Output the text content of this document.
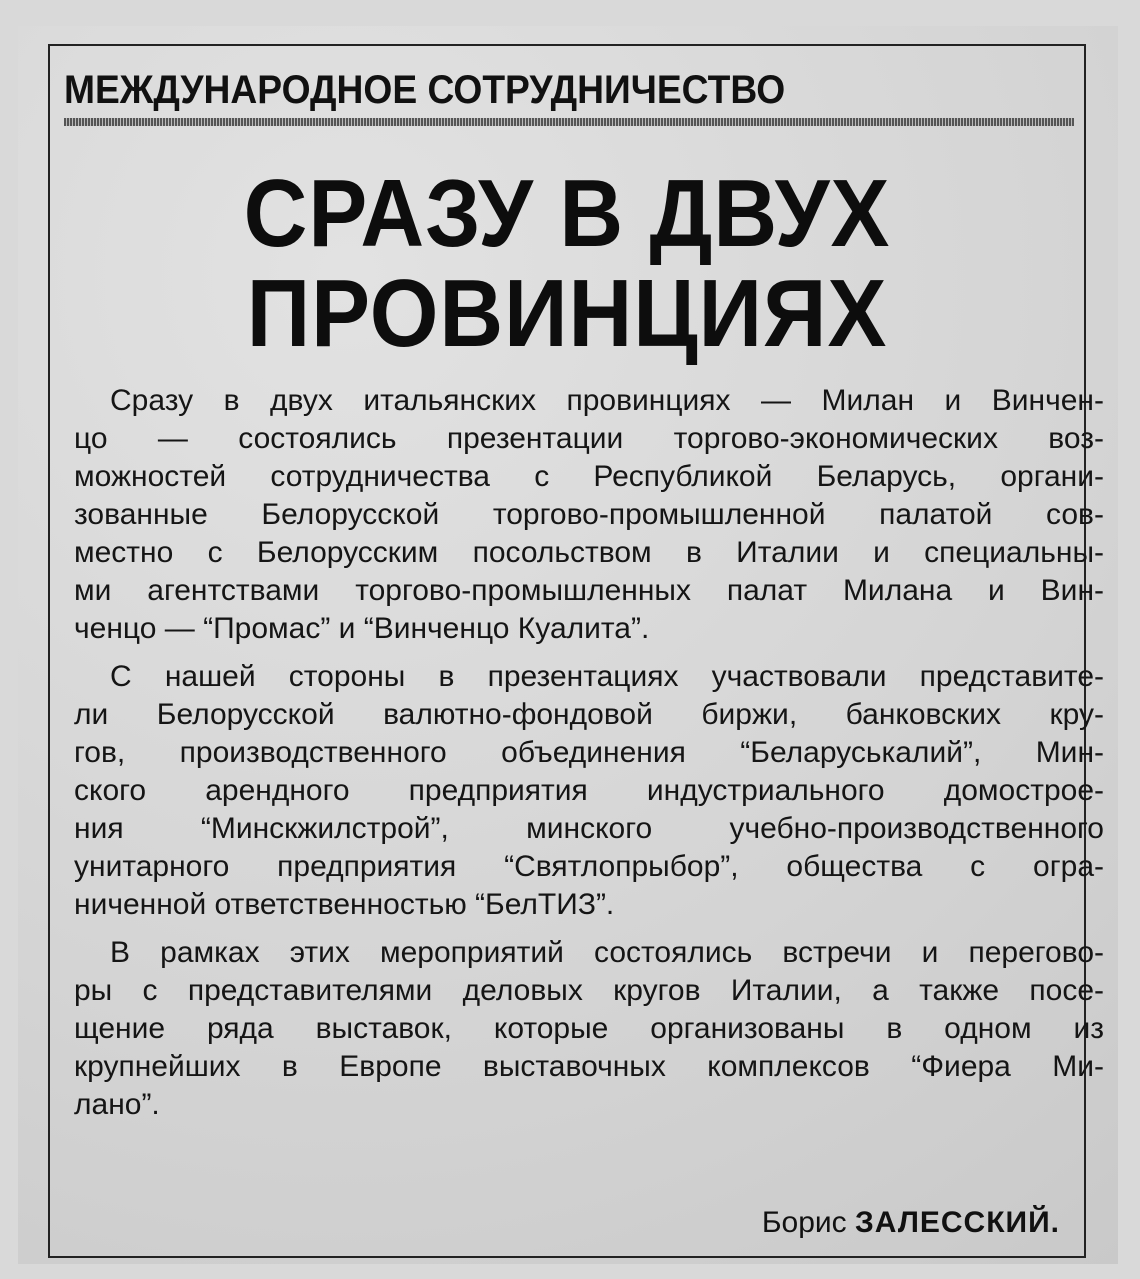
МЕЖДУНАРОДНОЕ СОТРУДНИЧЕСТВО
СРАЗУ В ДВУХ
ПРОВИНЦИЯХ
Сразу в двух итальянских провинциях — Милан и Винчен-
цо — состоялись презентации торгово-экономических воз-
можностей сотрудничества с Республикой Беларусь, органи-
зованные Белорусской торгово-промышленной палатой сов-
местно с Белорусским посольством в Италии и специальны-
ми агентствами торгово-промышленных палат Милана и Вин-
ченцо — “Промас” и “Винченцо Куалита”.
С нашей стороны в презентациях участвовали представите-
ли Белорусской валютно-фондовой биржи, банковских кру-
гов, производственного объединения “Беларуськалий”, Мин-
ского арендного предприятия индустриального домострое-
ния “Минскжилстрой”, минского учебно-производственного
унитарного предприятия “Святлопрыбор”, общества с огра-
ниченной ответственностью “БелТИЗ”.
В рамках этих мероприятий состоялись встречи и перегово-
ры с представителями деловых кругов Италии, а также посе-
щение ряда выставок, которые организованы в одном из
крупнейших в Европе выставочных комплексов “Фиера Ми-
лано”.
Борис ЗАЛЕССКИЙ.
